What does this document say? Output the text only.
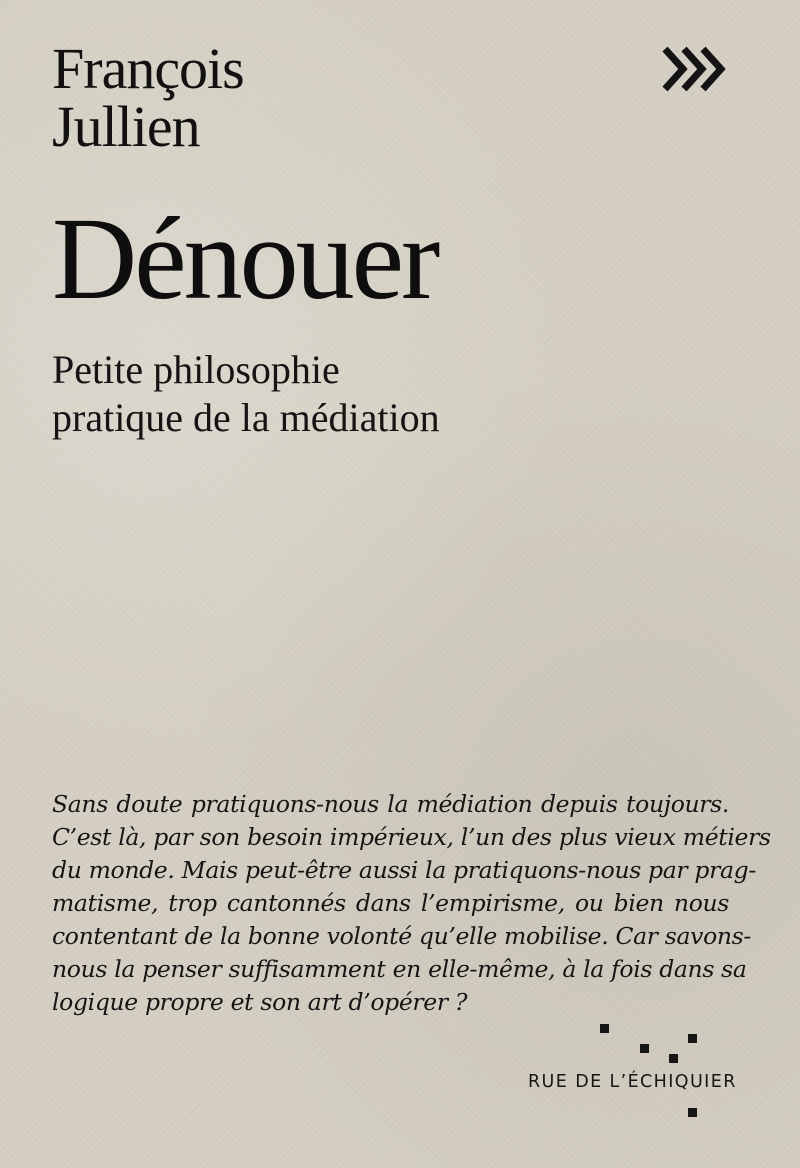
François
Jullien
Dénouer
Petite philosophie
pratique de la médiation
Sans doute pratiquons-nous la médiation depuis toujours.
C’est là, par son besoin impérieux, l’un des plus vieux métiers
du monde. Mais peut-être aussi la pratiquons-nous par prag-
matisme, trop cantonnés dans l’empirisme, ou bien nous
contentant de la bonne volonté qu’elle mobilise. Car savons-
nous la penser suffisamment en elle-même, à la fois dans sa
logique propre et son art d’opérer ?
RUE DE L’ÉCHIQUIER
